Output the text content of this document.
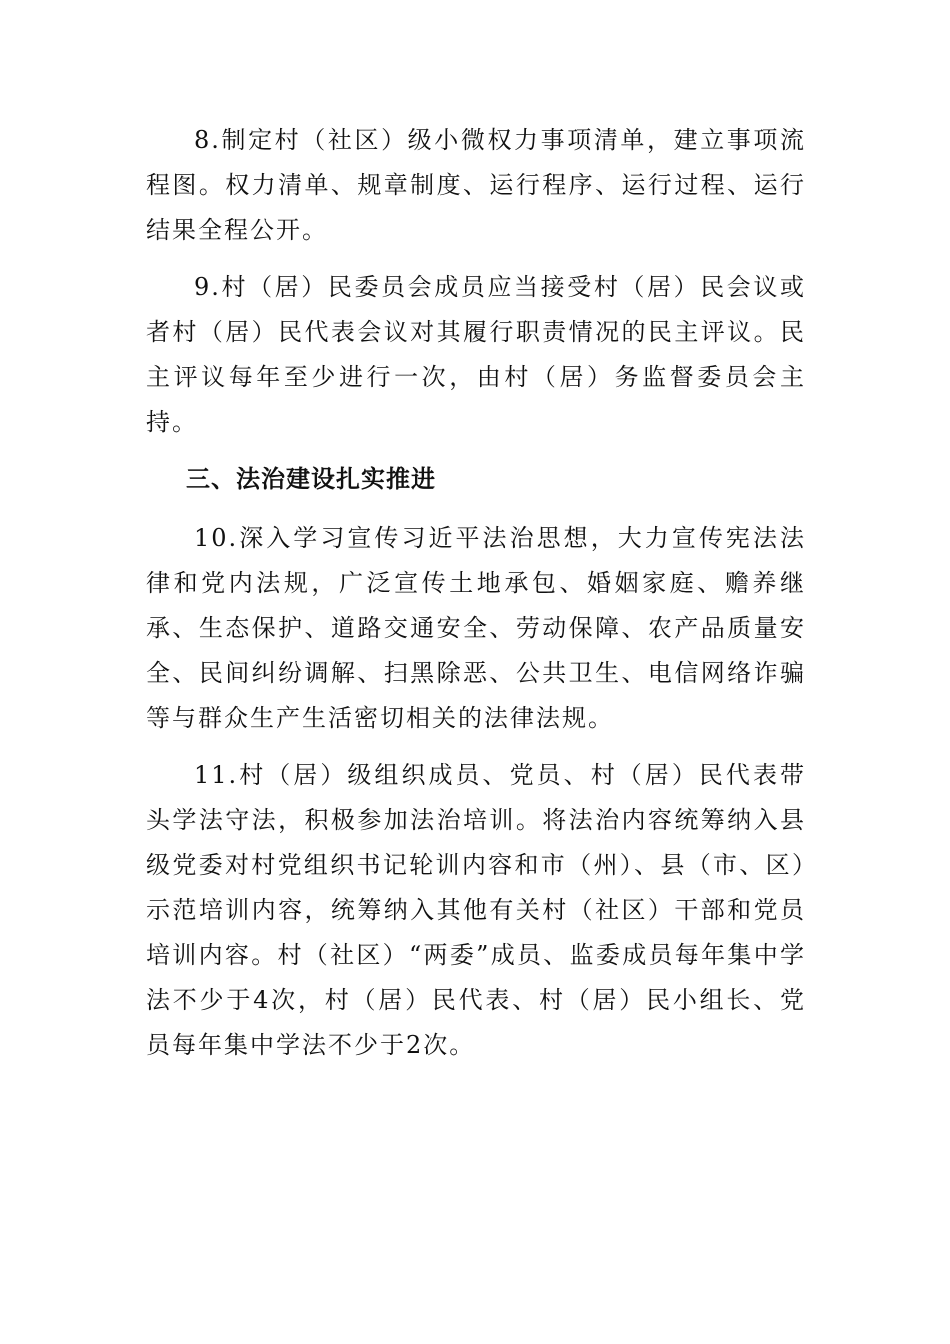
8.制定村（社区）级小微权力事项清单，建立事项流程图。权力清单、规章制度、运行程序、运行过程、运行结果全程公开。

9.村（居）民委员会成员应当接受村（居）民会议或者村（居）民代表会议对其履行职责情况的民主评议。民主评议每年至少进行一次，由村（居）务监督委员会主持。

三、法治建设扎实推进

10.深入学习宣传习近平法治思想，大力宣传宪法法律和党内法规，广泛宣传土地承包、婚姻家庭、赡养继承、生态保护、道路交通安全、劳动保障、农产品质量安全、民间纠纷调解、扫黑除恶、公共卫生、电信网络诈骗等与群众生产生活密切相关的法律法规。

11.村（居）级组织成员、党员、村（居）民代表带头学法守法，积极参加法治培训。将法治内容统筹纳入县级党委对村党组织书记轮训内容和市（州）、县（市、区）示范培训内容，统筹纳入其他有关村（社区）干部和党员培训内容。村（社区）“两委”成员、监委成员每年集中学法不少于4次，村（居）民代表、村（居）民小组长、党员每年集中学法不少于2次。
